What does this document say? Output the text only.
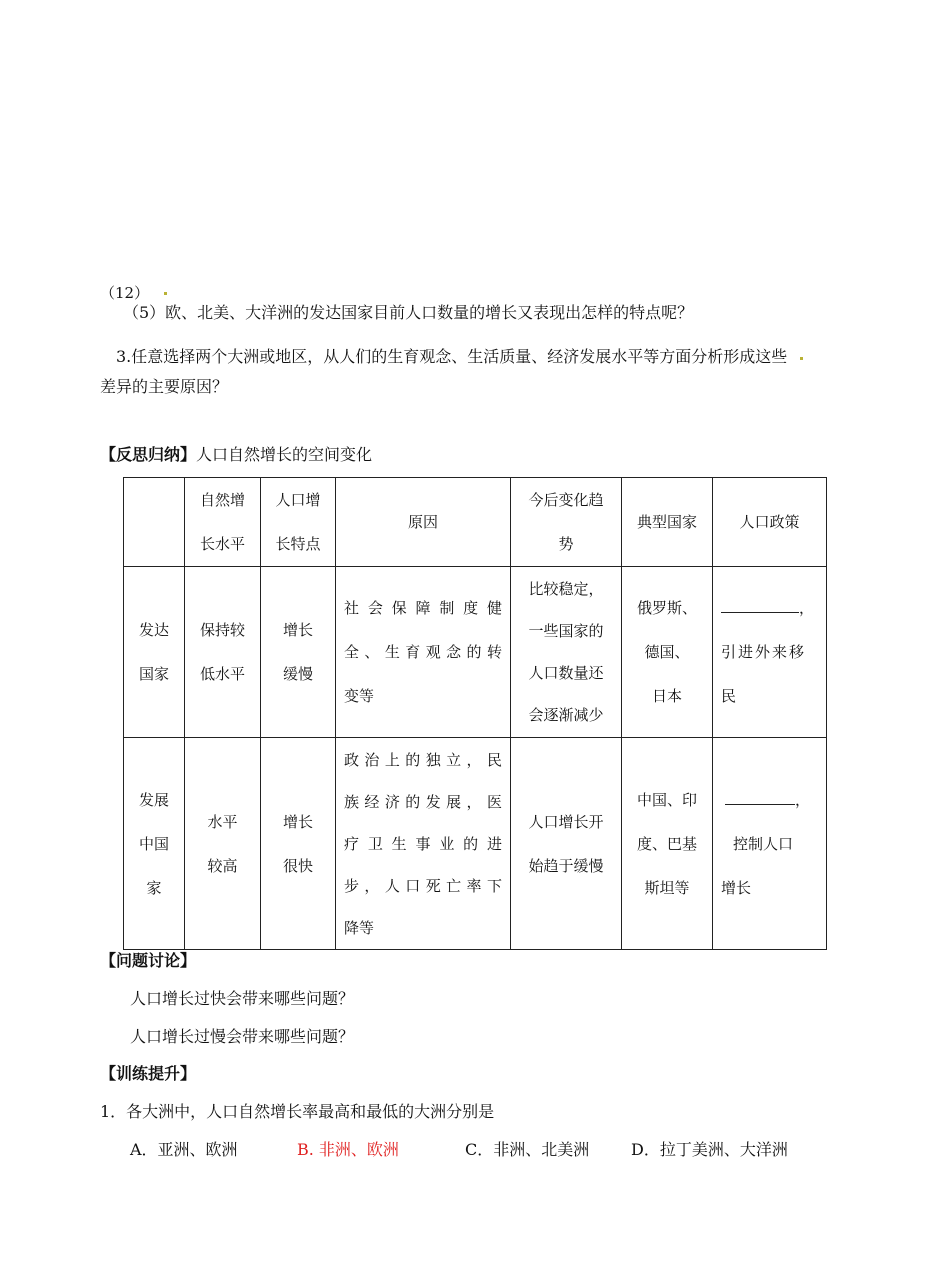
（12）
（5）欧、北美、大洋洲的发达国家目前人口数量的增长又表现出怎样的特点呢？
3.任意选择两个大洲或地区，从人们的生育观念、生活质量、经济发展水平等方面分析形成这些
差异的主要原因？
【反思归纳】人口自然增长的空间变化

	自然增
长水平	人口增
长特点	原因	今后变化趋
势	典型国家	人口政策

发达
国家	保持较
低水平	增长
缓慢	社会保障制度健
全、生育观念的转
变等	比较稳定，
一些国家的
人口数量还
会逐渐减少	俄罗斯、
德国、
日本	，
引进外来移
民

发展
中国
家	水平
较高	增长
很快	政治上的独立，民
族经济的发展，医
疗卫生事业的进
步，人口死亡率下
降等	人口增长开
始趋于缓慢	中国、印
度、巴基
斯坦等	，
控制人口
增长
【问题讨论】
人口增长过快会带来哪些问题？
人口增长过慢会带来哪些问题？
【训练提升】
1．各大洲中，人口自然增长率最高和最低的大洲分别是
A．亚洲、欧洲	B. 非洲、欧洲	C．非洲、北美洲	D．拉丁美洲、大洋洲
